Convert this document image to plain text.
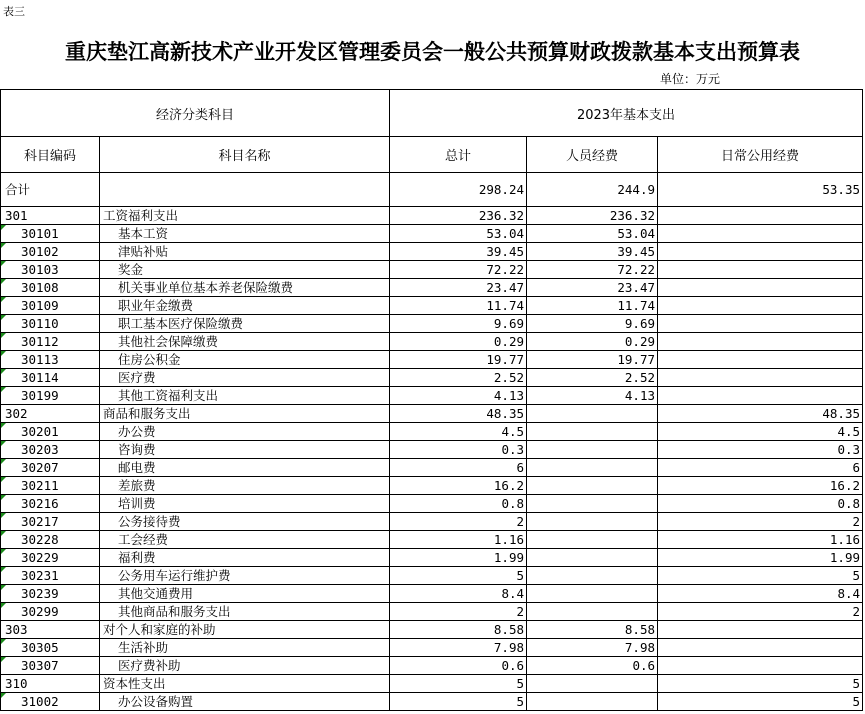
表三
重庆垫江高新技术产业开发区管理委员会一般公共预算财政拨款基本支出预算表
单位：万元
经济分类科目		2023年基本支出		
科目编码	科目名称	总计	人员经费	日常公用经费
合计		298.24	244.9	53.35
301	工资福利支出	236.32	236.32	

30101	基本工资	53.04	53.04	

30102	津贴补贴	39.45	39.45	

30103	奖金	72.22	72.22	

30108	机关事业单位基本养老保险缴费	23.47	23.47	

30109	职业年金缴费	11.74	11.74	

30110	职工基本医疗保险缴费	9.69	9.69	

30112	其他社会保障缴费	0.29	0.29	

30113	住房公积金	19.77	19.77	

30114	医疗费	2.52	2.52	

30199	其他工资福利支出	4.13	4.13	
302	商品和服务支出	48.35		48.35

30201	办公费	4.5		4.5

30203	咨询费	0.3		0.3

30207	邮电费	6		6

30211	差旅费	16.2		16.2

30216	培训费	0.8		0.8

30217	公务接待费	2		2

30228	工会经费	1.16		1.16

30229	福利费	1.99		1.99

30231	公务用车运行维护费	5		5

30239	其他交通费用	8.4		8.4

30299	其他商品和服务支出	2		2
303	对个人和家庭的补助	8.58	8.58	

30305	生活补助	7.98	7.98	

30307	医疗费补助	0.6	0.6	
310	资本性支出	5		5

31002	办公设备购置	5		5
